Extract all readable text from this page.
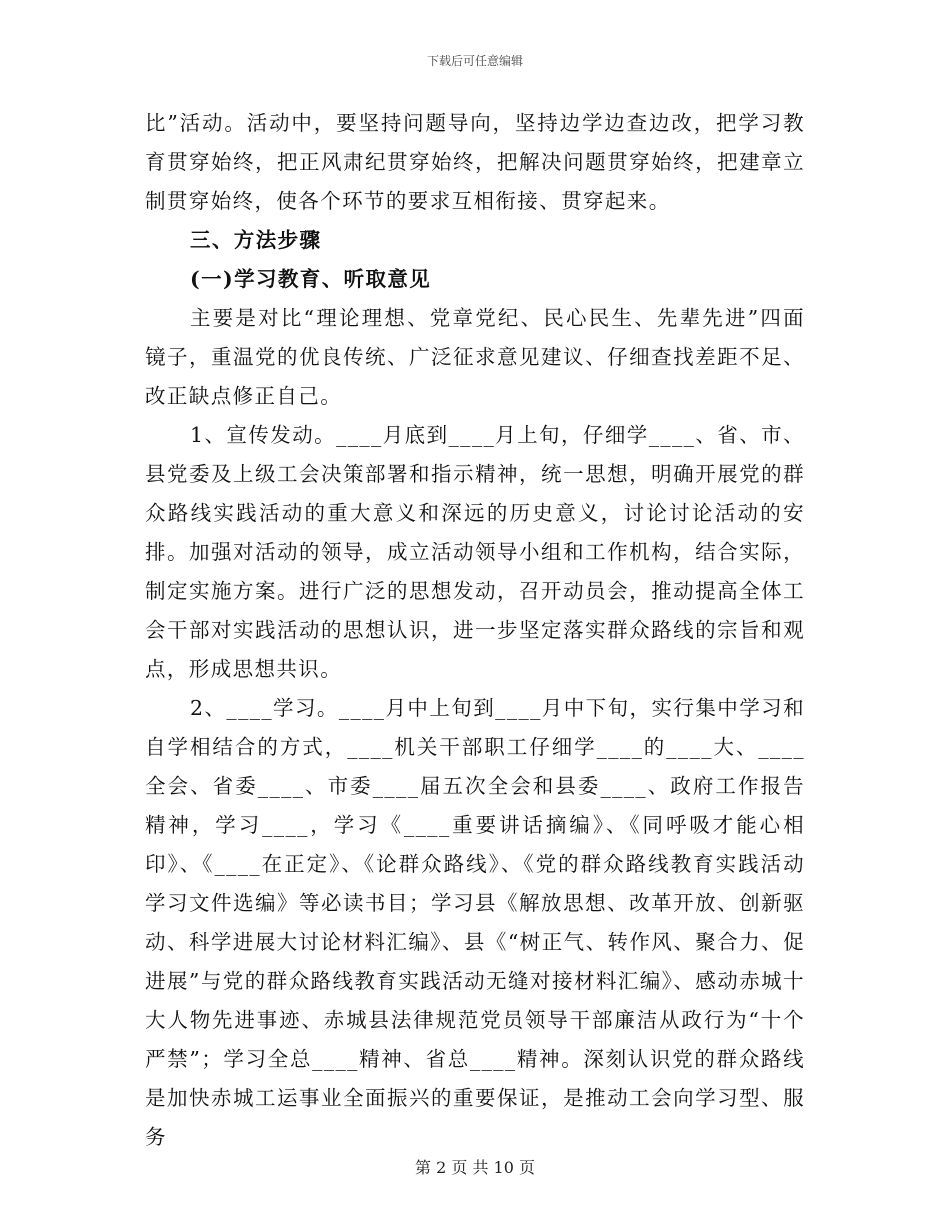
下载后可任意编辑

比”活动。活动中，要坚持问题导向，坚持边学边查边改，把学习教育贯穿始终，把正风肃纪贯穿始终，把解决问题贯穿始终，把建章立制贯穿始终，使各个环节的要求互相衔接、贯穿起来。

三、方法步骤

(一)学习教育、听取意见

主要是对比“理论理想、党章党纪、民心民生、先辈先进”四面镜子，重温党的优良传统、广泛征求意见建议、仔细查找差距不足、改正缺点修正自己。

1、宣传发动。____月底到____月上旬，仔细学____、省、市、县党委及上级工会决策部署和指示精神，统一思想，明确开展党的群众路线实践活动的重大意义和深远的历史意义，讨论讨论活动的安排。加强对活动的领导，成立活动领导小组和工作机构，结合实际，制定实施方案。进行广泛的思想发动，召开动员会，推动提高全体工会干部对实践活动的思想认识，进一步坚定落实群众路线的宗旨和观点，形成思想共识。

2、____学习。____月中上旬到____月中下旬，实行集中学习和自学相结合的方式，____机关干部职工仔细学____的____大、____全会、省委____、市委____届五次全会和县委____、政府工作报告精神，学习____，学习《____重要讲话摘编》、《同呼吸才能心相印》、《____在正定》、《论群众路线》、《党的群众路线教育实践活动学习文件选编》等必读书目；学习县《解放思想、改革开放、创新驱动、科学进展大讨论材料汇编》、县《“树正气、转作风、聚合力、促进展”与党的群众路线教育实践活动无缝对接材料汇编》、感动赤城十大人物先进事迹、赤城县法律规范党员领导干部廉洁从政行为“十个严禁”；学习全总____精神、省总____精神。深刻认识党的群众路线是加快赤城工运事业全面振兴的重要保证，是推动工会向学习型、服务

第 2 页 共 10 页
